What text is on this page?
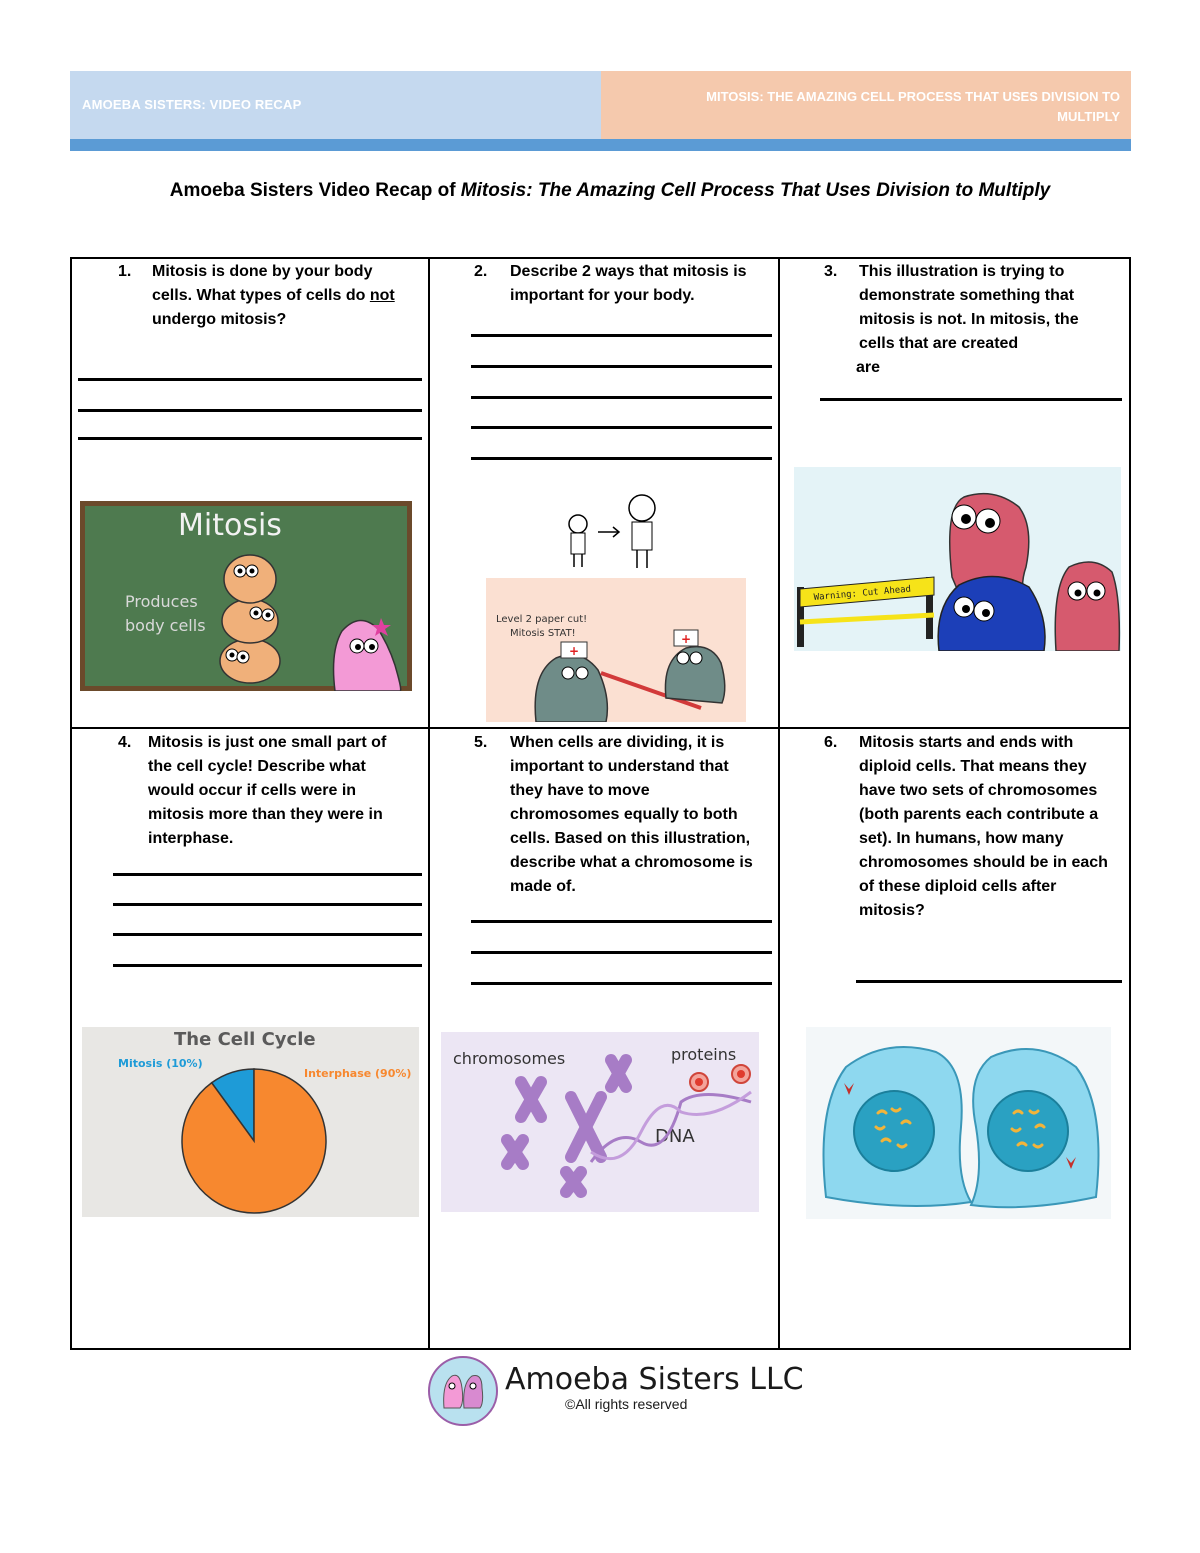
AMOEBA SISTERS: VIDEO RECAP
MITOSIS: THE AMAZING CELL PROCESS THAT USES DIVISION TO
MULTIPLY
Amoeba Sisters Video Recap of Mitosis: The Amazing Cell Process That Uses Division to Multiply
1. Mitosis is done by your body
cells. What types of cells do not
undergo mitosis?
Mitosis
Produces
body cells
2. Describe 2 ways that mitosis is
important for your body.
Level 2 paper cut!
Mitosis STAT!
+
+
3. This illustration is trying to
demonstrate something that
mitosis is not. In mitosis, the
cells that are created
are
Warning: Cut Ahead
4. Mitosis is just one small part of
the cell cycle! Describe what
would occur if cells were in
mitosis more than they were in
interphase.
The Cell Cycle
Mitosis (10%)
Interphase (90%)
5. When cells are dividing, it is
important to understand that
they have to move
chromosomes equally to both
cells. Based on this illustration,
describe what a chromosome is
made of.
chromosomes	proteins
DNA
6. Mitosis starts and ends with
diploid cells. That means they
have two sets of chromosomes
(both parents each contribute a
set). In humans, how many
chromosomes should be in each
of these diploid cells after
mitosis?
Amoeba Sisters LLC
©All rights reserved
